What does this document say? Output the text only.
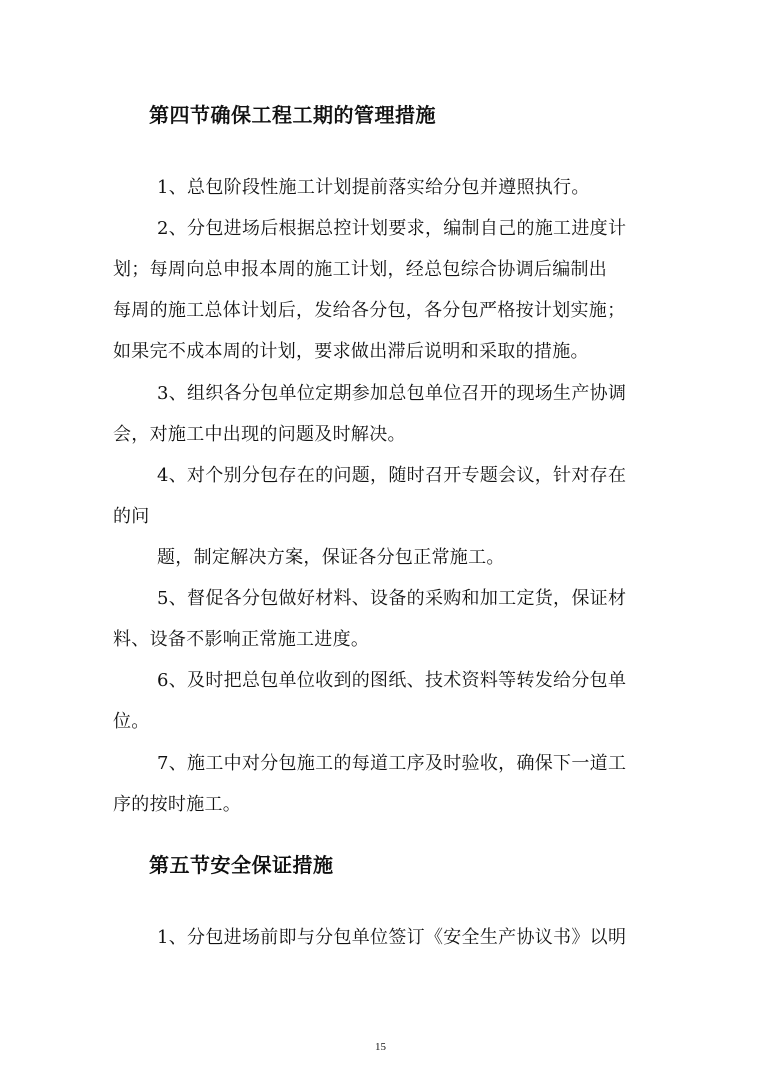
第四节确保工程工期的管理措施
1、总包阶段性施工计划提前落实给分包并遵照执行。
2、分包进场后根据总控计划要求，编制自己的施工进度计
划；每周向总申报本周的施工计划，经总包综合协调后编制出
每周的施工总体计划后，发给各分包，各分包严格按计划实施；
如果完不成本周的计划，要求做出滞后说明和采取的措施。
3、组织各分包单位定期参加总包单位召开的现场生产协调
会，对施工中出现的问题及时解决。
4、对个别分包存在的问题，随时召开专题会议，针对存在
的问
题，制定解决方案，保证各分包正常施工。
5、督促各分包做好材料、设备的采购和加工定货，保证材
料、设备不影响正常施工进度。
6、及时把总包单位收到的图纸、技术资料等转发给分包单
位。
7、施工中对分包施工的每道工序及时验收，确保下一道工
序的按时施工。
第五节安全保证措施
1、分包进场前即与分包单位签订《安全生产协议书》以明
15
